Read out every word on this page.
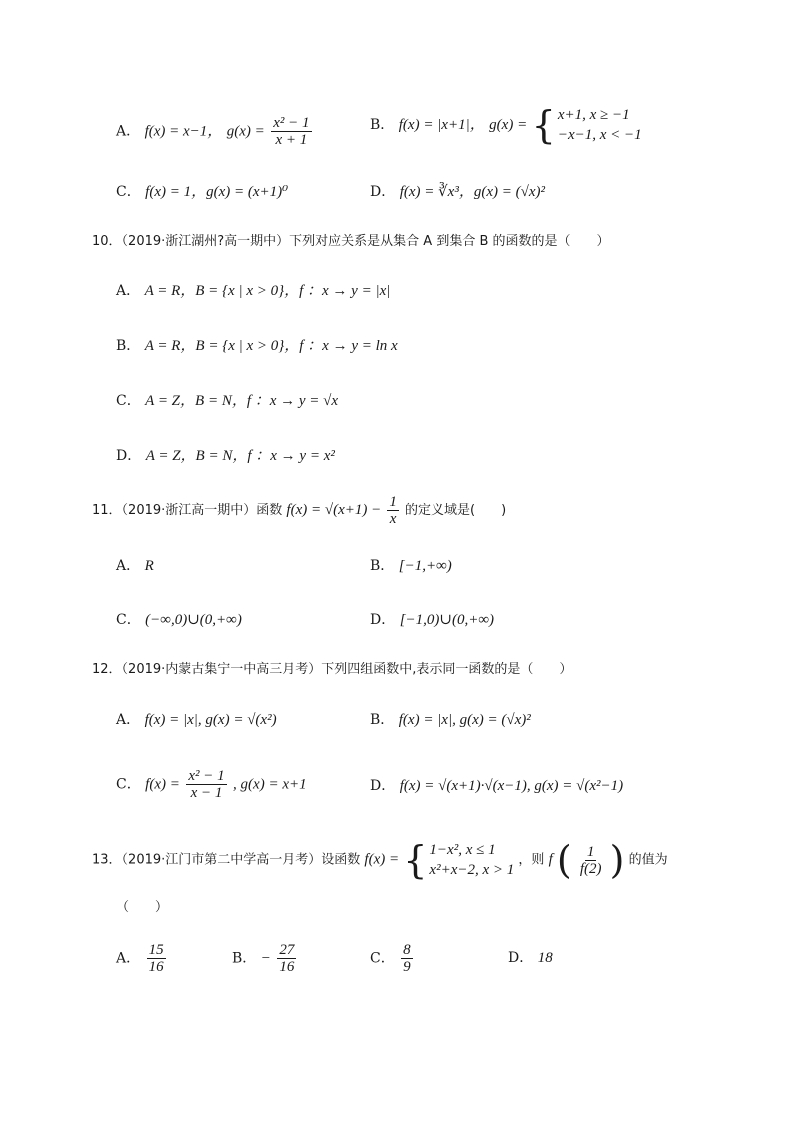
A． f(x) = x−1， $g(x) = \frac{\text{x² − 1}}{x + 1}$	B． f(x) = |x+1|， g(x) = { x+1, x ≥ −1
−x−1, x < −1
C． f(x) = 1，g(x) = (x+1)⁰	D． f(x) = ∛x³，g(x) = (√x)²
10．（2019·浙江湖州?高一期中）下列对应关系是从集合 A 到集合 B 的函数的是（　　）
A． A = R，B = {x | x > 0}，f ：x → y = |x|
B． A = R，B = {x | x > 0}，f ：x → y = ln x
C． A = Z，B = N，f ：x → y = √x
D． A = Z，B = N，f ：x → y = x²
11．（2019·浙江高一期中）函数 $f(x) = √(x+1) - \frac{1}{x}$ 的定义域是(　　)
A． R	B． [−1,+∞)
C． (−∞,0)∪(0,+∞)	D． [−1,0)∪(0,+∞)
12．（2019·内蒙古集宁一中高三月考）下列四组函数中,表示同一函数的是（　　）
A． f(x) = |x|, g(x) = √(x²)	B． f(x) = |x|, g(x) = (√x)²
C． $f(x) = \frac{\text{x² − 1}}{x - 1}$ , g(x) = x+1	D． f(x) = √(x+1)·√(x−1), g(x) = √(x²−1)
13．（2019·江门市第二中学高一月考）设函数 f(x) = { 1−x², x ≤ 1
x²+x−2, x > 1
，则 f ( $\frac{1}{f(2)}$ ) 的值为
（　　）
A． $\frac{15}{16}$	B． − $\frac{27}{16}$	C． $\frac{8}{9}$	D． 18
